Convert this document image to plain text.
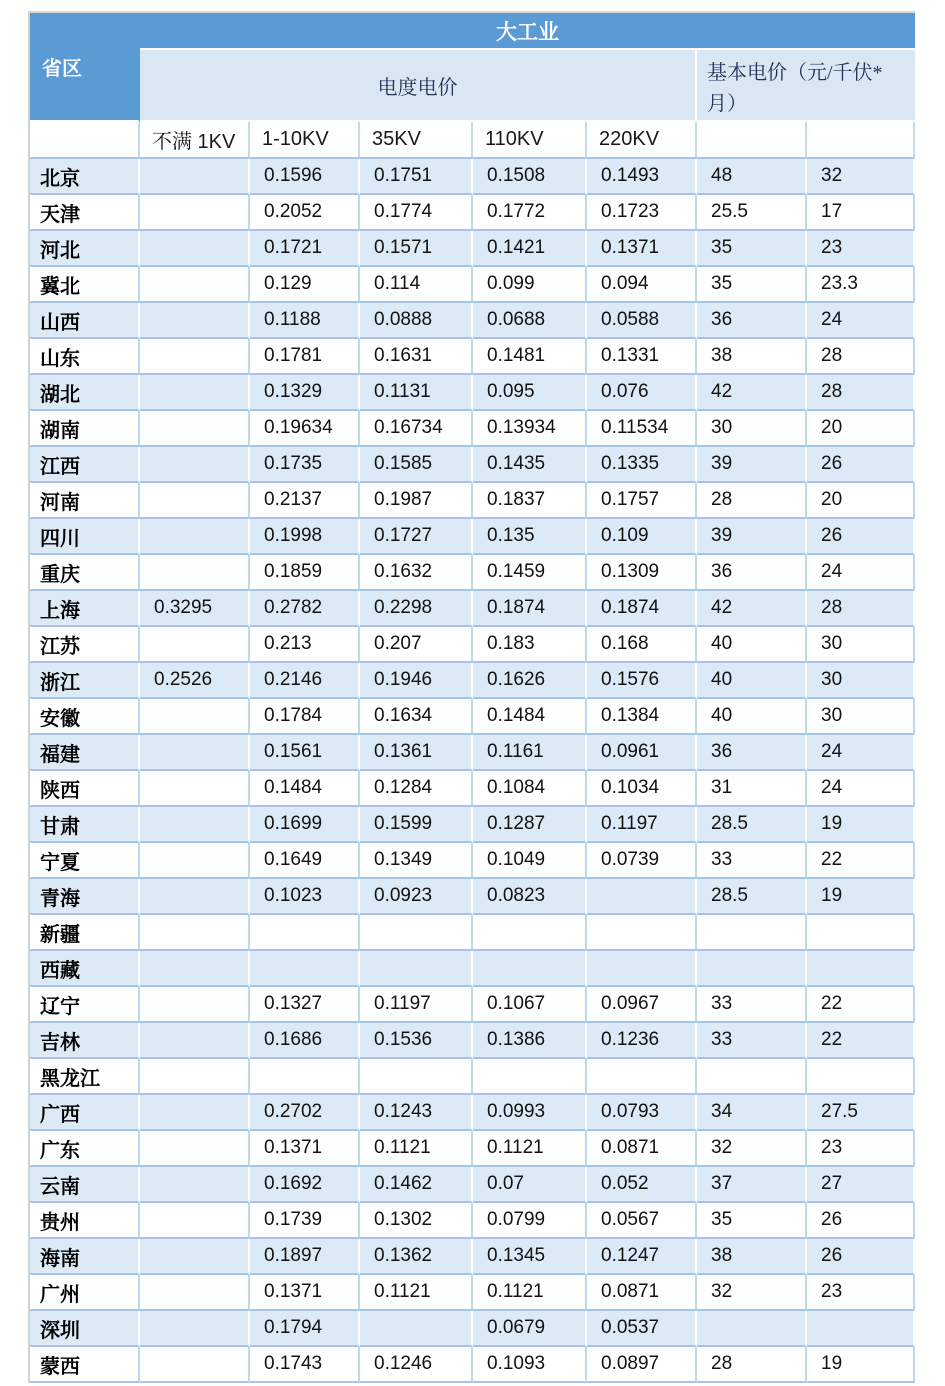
省区	大工业						
	电度电价					基本电价（元/千伏*月）	
	不满 1KV	1-10KV	35KV	110KV	220KV		
北京		0.1596	0.1751	0.1508	0.1493	48	32
天津		0.2052	0.1774	0.1772	0.1723	25.5	17
河北		0.1721	0.1571	0.1421	0.1371	35	23
冀北		0.129	0.114	0.099	0.094	35	23.3
山西		0.1188	0.0888	0.0688	0.0588	36	24
山东		0.1781	0.1631	0.1481	0.1331	38	28
湖北		0.1329	0.1131	0.095	0.076	42	28
湖南		0.19634	0.16734	0.13934	0.11534	30	20
江西		0.1735	0.1585	0.1435	0.1335	39	26
河南		0.2137	0.1987	0.1837	0.1757	28	20
四川		0.1998	0.1727	0.135	0.109	39	26
重庆		0.1859	0.1632	0.1459	0.1309	36	24
上海	0.3295	0.2782	0.2298	0.1874	0.1874	42	28
江苏		0.213	0.207	0.183	0.168	40	30
浙江	0.2526	0.2146	0.1946	0.1626	0.1576	40	30
安徽		0.1784	0.1634	0.1484	0.1384	40	30
福建		0.1561	0.1361	0.1161	0.0961	36	24
陕西		0.1484	0.1284	0.1084	0.1034	31	24
甘肃		0.1699	0.1599	0.1287	0.1197	28.5	19
宁夏		0.1649	0.1349	0.1049	0.0739	33	22
青海		0.1023	0.0923	0.0823		28.5	19
新疆							
西藏							
辽宁		0.1327	0.1197	0.1067	0.0967	33	22
吉林		0.1686	0.1536	0.1386	0.1236	33	22
黑龙江							
广西		0.2702	0.1243	0.0993	0.0793	34	27.5
广东		0.1371	0.1121	0.1121	0.0871	32	23
云南		0.1692	0.1462	0.07	0.052	37	27
贵州		0.1739	0.1302	0.0799	0.0567	35	26
海南		0.1897	0.1362	0.1345	0.1247	38	26
广州		0.1371	0.1121	0.1121	0.0871	32	23
深圳		0.1794		0.0679	0.0537		
蒙西		0.1743	0.1246	0.1093	0.0897	28	19
